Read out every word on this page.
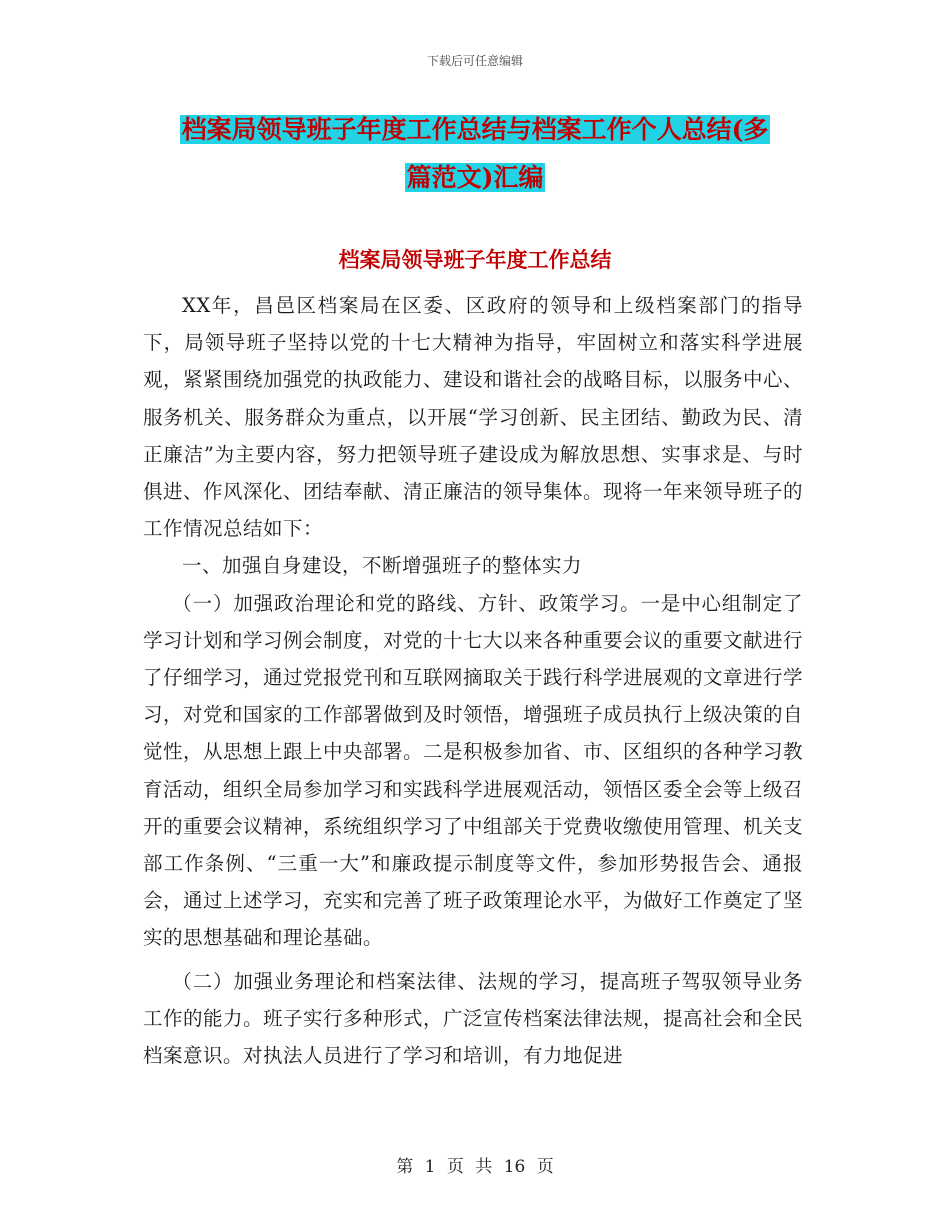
下载后可任意编辑
档案局领导班子年度工作总结与档案工作个人总结(多
篇范文)汇编
档案局领导班子年度工作总结

XX年，昌邑区档案局在区委、区政府的领导和上级档案部门的指导下，局领导班子坚持以党的十七大精神为指导，牢固树立和落实科学进展观，紧紧围绕加强党的执政能力、建设和谐社会的战略目标，以服务中心、服务机关、服务群众为重点，以开展“学习创新、民主团结、勤政为民、清正廉洁”为主要内容，努力把领导班子建设成为解放思想、实事求是、与时俱进、作风深化、团结奉献、清正廉洁的领导集体。现将一年来领导班子的工作情况总结如下：

一、加强自身建设，不断增强班子的整体实力

（一）加强政治理论和党的路线、方针、政策学习。一是中心组制定了学习计划和学习例会制度，对党的十七大以来各种重要会议的重要文献进行了仔细学习，通过党报党刊和互联网摘取关于践行科学进展观的文章进行学习，对党和国家的工作部署做到及时领悟，增强班子成员执行上级决策的自觉性，从思想上跟上中央部署。二是积极参加省、市、区组织的各种学习教育活动，组织全局参加学习和实践科学进展观活动，领悟区委全会等上级召开的重要会议精神，系统组织学习了中组部关于党费收缴使用管理、机关支部工作条例、“三重一大”和廉政提示制度等文件，参加形势报告会、通报会，通过上述学习，充实和完善了班子政策理论水平，为做好工作奠定了坚实的思想基础和理论基础。

（二）加强业务理论和档案法律、法规的学习，提高班子驾驭领导业务工作的能力。班子实行多种形式，广泛宣传档案法律法规，提高社会和全民档案意识。对执法人员进行了学习和培训，有力地促进

第 1 页 共 16 页
